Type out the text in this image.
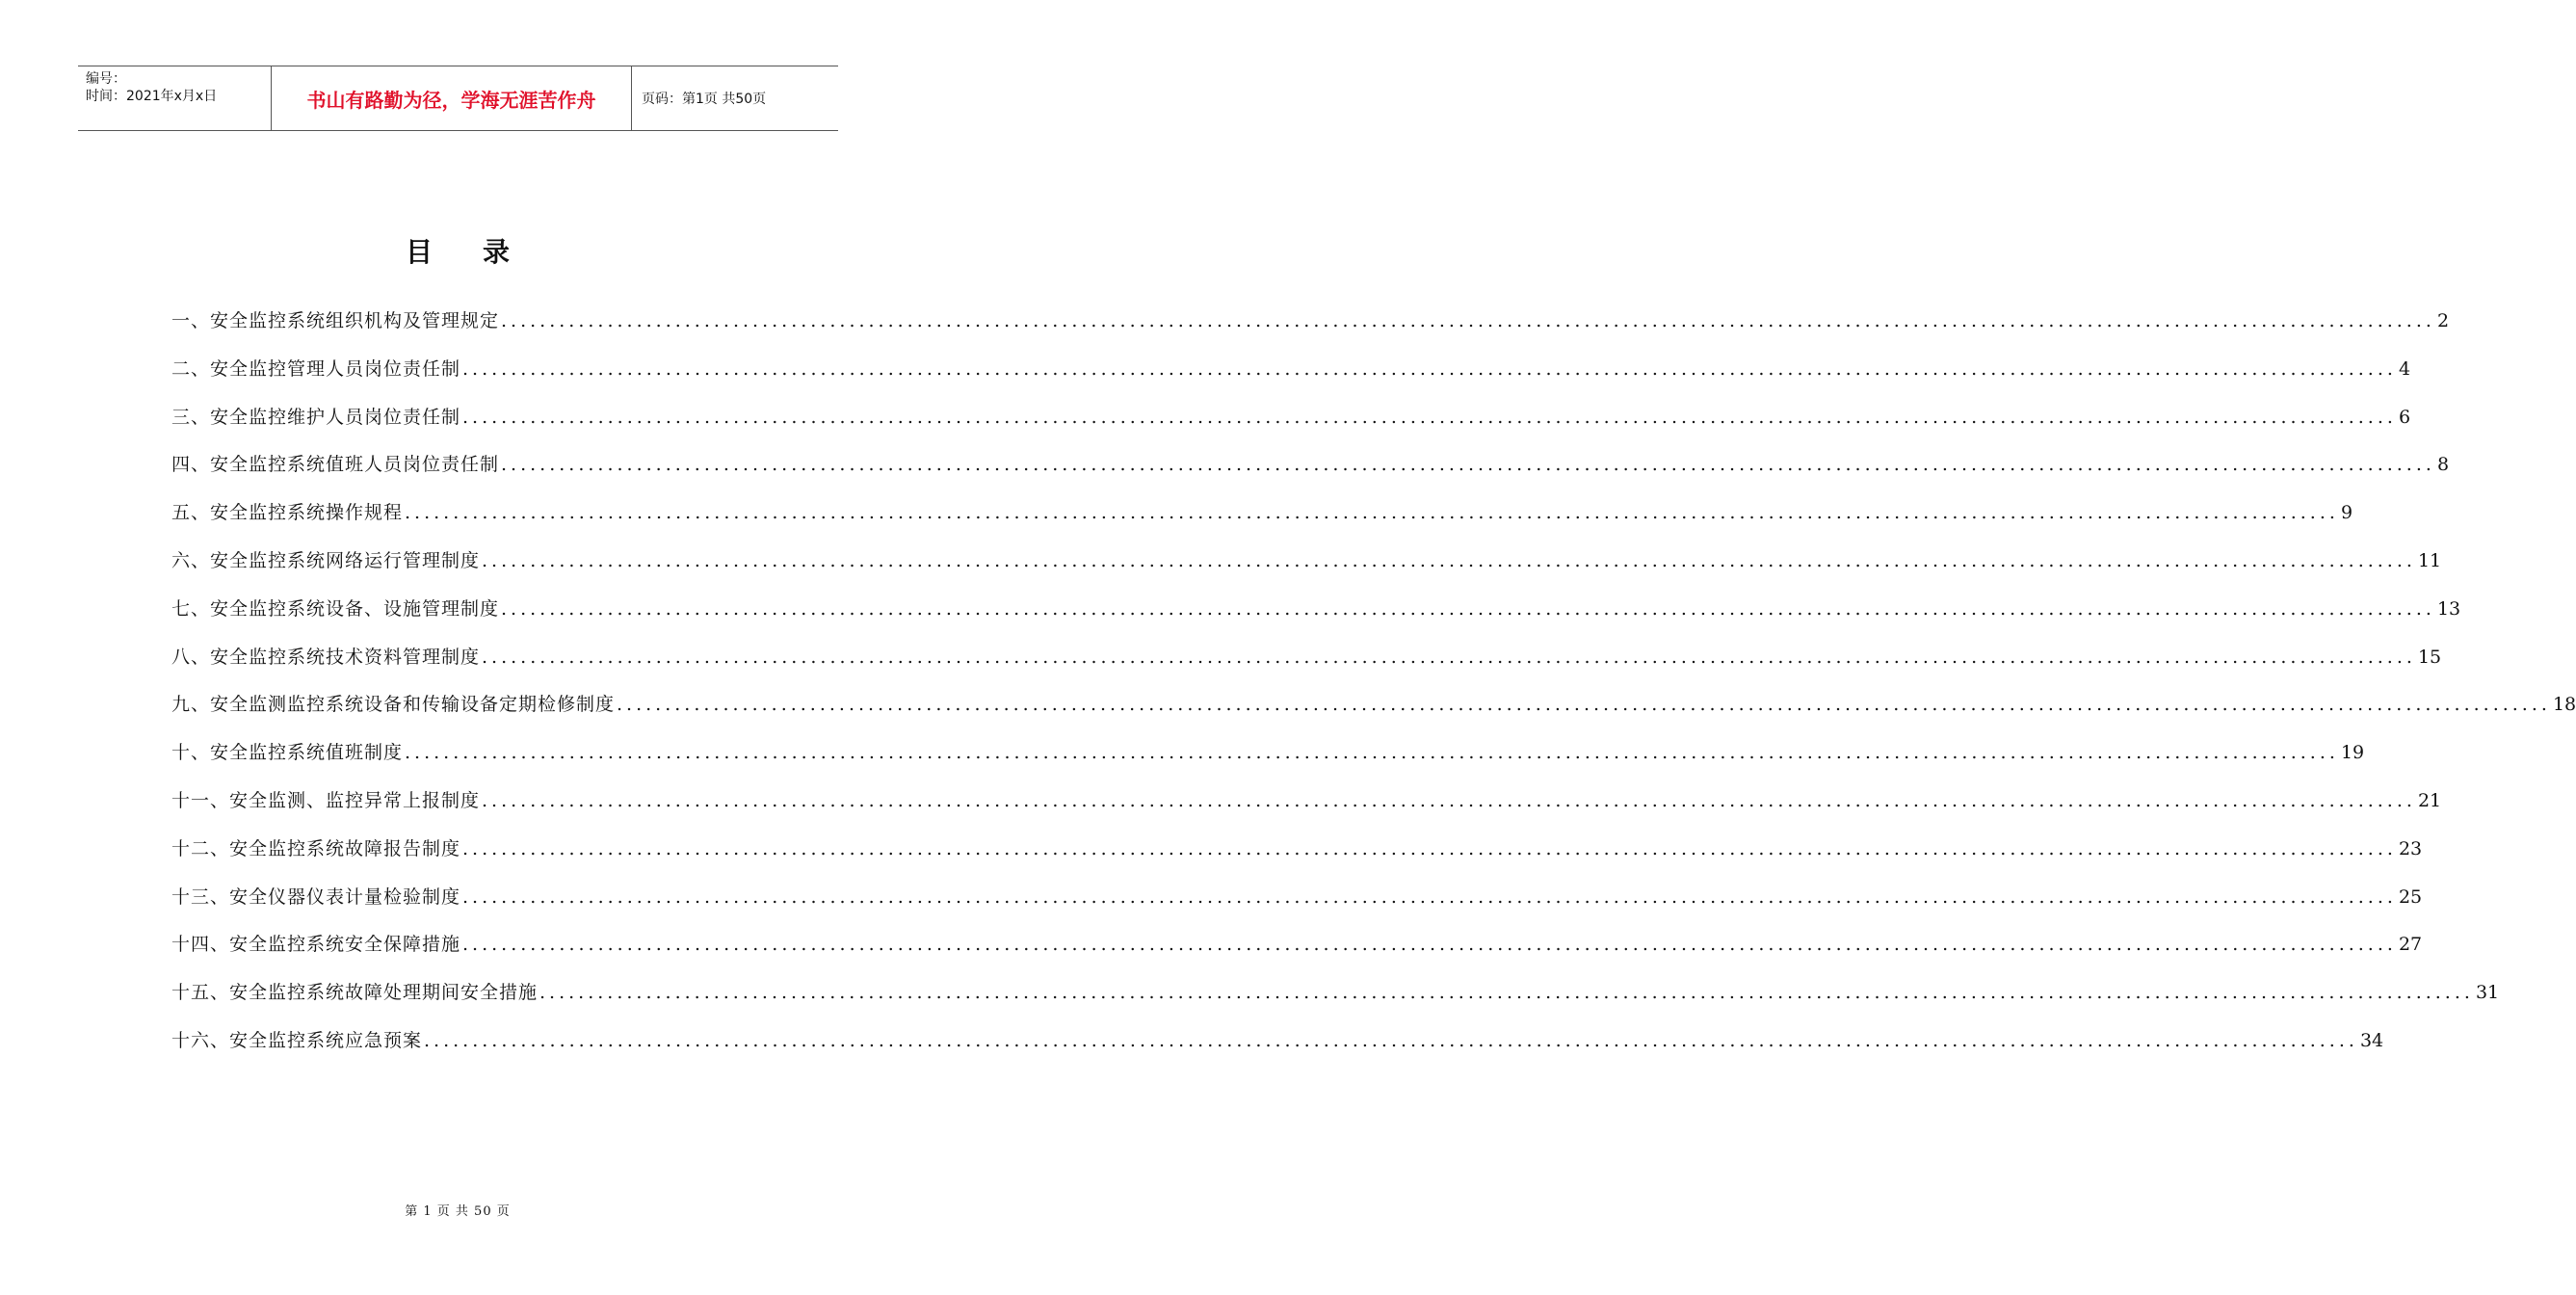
编号：
时间：2021年x月x日	书山有路勤为径，学海无涯苦作舟	页码：第1页 共50页
目录
一、安全监控系统组织机构及管理规定 ........................................................................................................................................................................................................ 2
二、安全监控管理人员岗位责任制 ........................................................................................................................................................................................................ 4
三、安全监控维护人员岗位责任制 ........................................................................................................................................................................................................ 6
四、安全监控系统值班人员岗位责任制 ........................................................................................................................................................................................................ 8
五、安全监控系统操作规程 ........................................................................................................................................................................................................ 9
六、安全监控系统网络运行管理制度 ........................................................................................................................................................................................................ 11
七、安全监控系统设备、设施管理制度 ........................................................................................................................................................................................................ 13
八、安全监控系统技术资料管理制度 ........................................................................................................................................................................................................ 15
九、安全监测监控系统设备和传输设备定期检修制度 ........................................................................................................................................................................................................ 18
十、安全监控系统值班制度 ........................................................................................................................................................................................................ 19
十一、安全监测、监控异常上报制度 ........................................................................................................................................................................................................ 21
十二、安全监控系统故障报告制度 ........................................................................................................................................................................................................ 23
十三、安全仪器仪表计量检验制度 ........................................................................................................................................................................................................ 25
十四、安全监控系统安全保障措施 ........................................................................................................................................................................................................ 27
十五、安全监控系统故障处理期间安全措施 ........................................................................................................................................................................................................ 31
十六、安全监控系统应急预案 ........................................................................................................................................................................................................ 34
第 1 页 共 50 页
